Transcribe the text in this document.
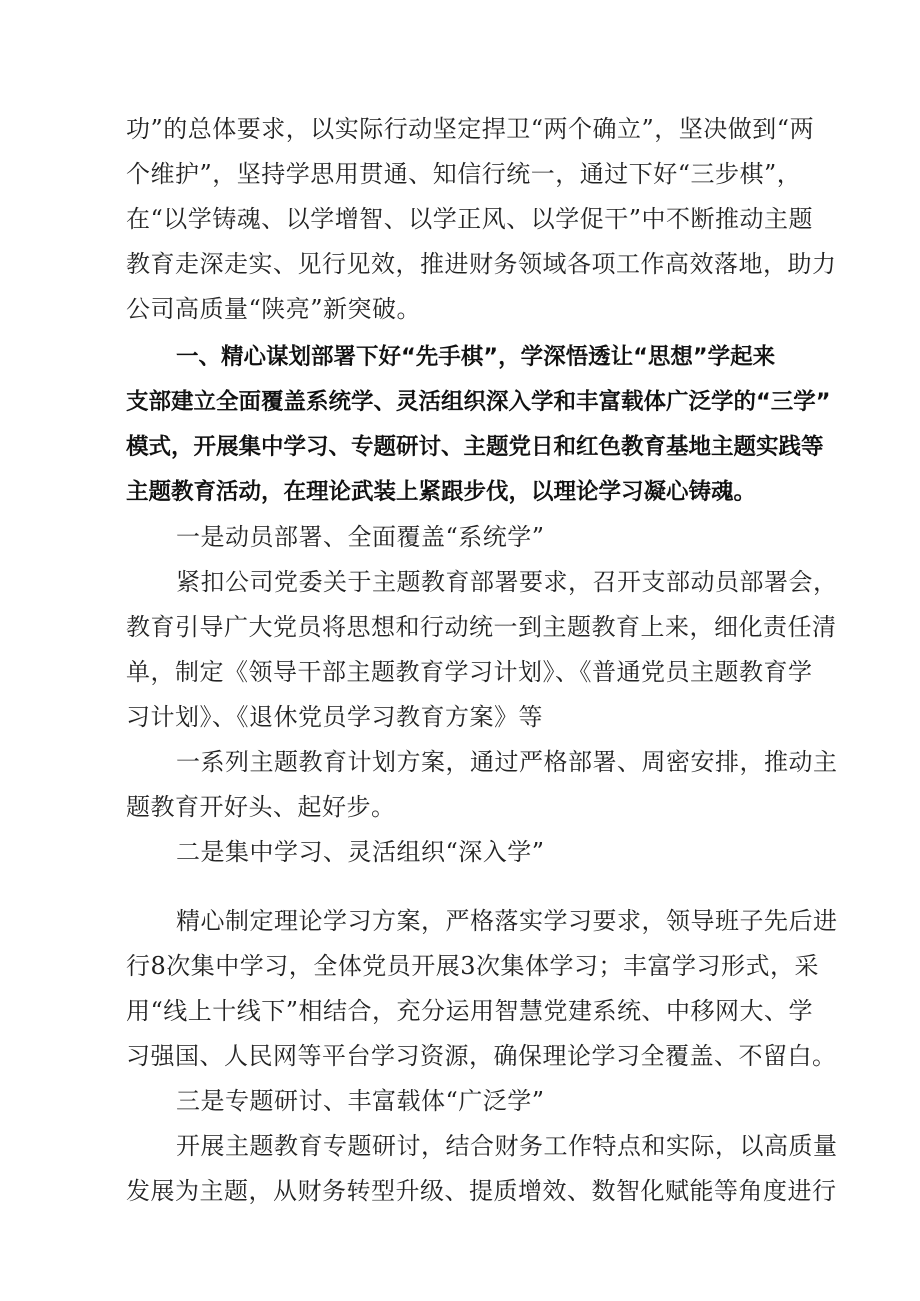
功”的总体要求，以实际行动坚定捍卫“两个确立”，坚决做到“两
个维护”，坚持学思用贯通、知信行统一，通过下好“三步棋”，
在“以学铸魂、以学增智、以学正风、以学促干”中不断推动主题
教育走深走实、见行见效，推进财务领域各项工作高效落地，助力
公司高质量“陕亮”新突破。
一、精心谋划部署下好“先手棋”，学深悟透让“思想”学起来
支部建立全面覆盖系统学、灵活组织深入学和丰富载体广泛学的“三学”
模式，开展集中学习、专题研讨、主题党日和红色教育基地主题实践等
主题教育活动，在理论武装上紧跟步伐，以理论学习凝心铸魂。
一是动员部署、全面覆盖“系统学”
紧扣公司党委关于主题教育部署要求，召开支部动员部署会，
教育引导广大党员将思想和行动统一到主题教育上来，细化责任清
单，制定《领导干部主题教育学习计划》、《普通党员主题教育学
习计划》、《退休党员学习教育方案》等
一系列主题教育计划方案，通过严格部署、周密安排，推动主
题教育开好头、起好步。
二是集中学习、灵活组织“深入学”
精心制定理论学习方案，严格落实学习要求，领导班子先后进
行8次集中学习，全体党员开展3次集体学习；丰富学习形式，采
用“线上十线下”相结合，充分运用智慧党建系统、中移网大、学
习强国、人民网等平台学习资源，确保理论学习全覆盖、不留白。
三是专题研讨、丰富载体“广泛学”
开展主题教育专题研讨，结合财务工作特点和实际，以高质量
发展为主题，从财务转型升级、提质增效、数智化赋能等角度进行
